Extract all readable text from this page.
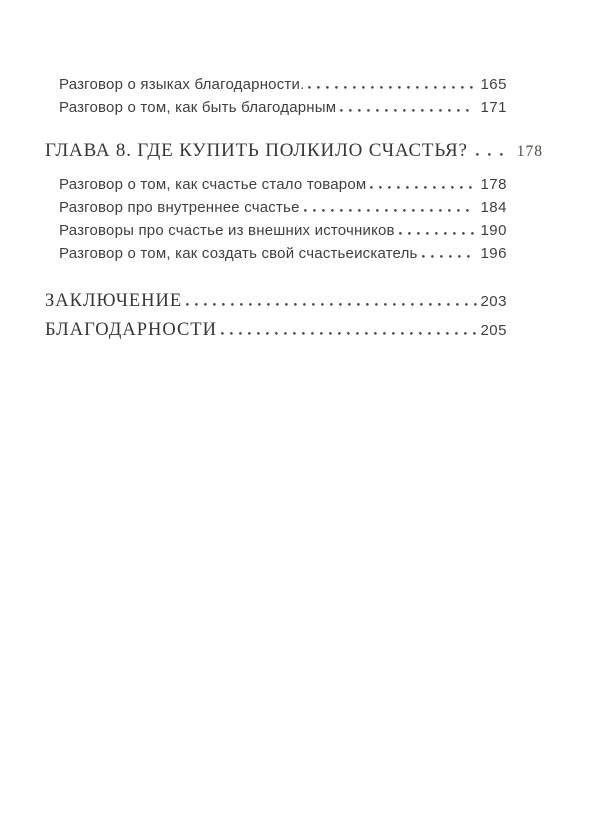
Разговор о языках благодарности.	165
Разговор о том, как быть благодарным	171
ГЛАВА 8. ГДЕ КУПИТЬ ПОЛКИЛО СЧАСТЬЯ?	178
Разговор о том, как счастье стало товаром	178
Разговор про внутреннее счастье	184
Разговоры про счастье из внешних источников	190
Разговор о том, как создать свой счастьеискатель	196
ЗАКЛЮЧЕНИЕ	203
БЛАГОДАРНОСТИ	205
